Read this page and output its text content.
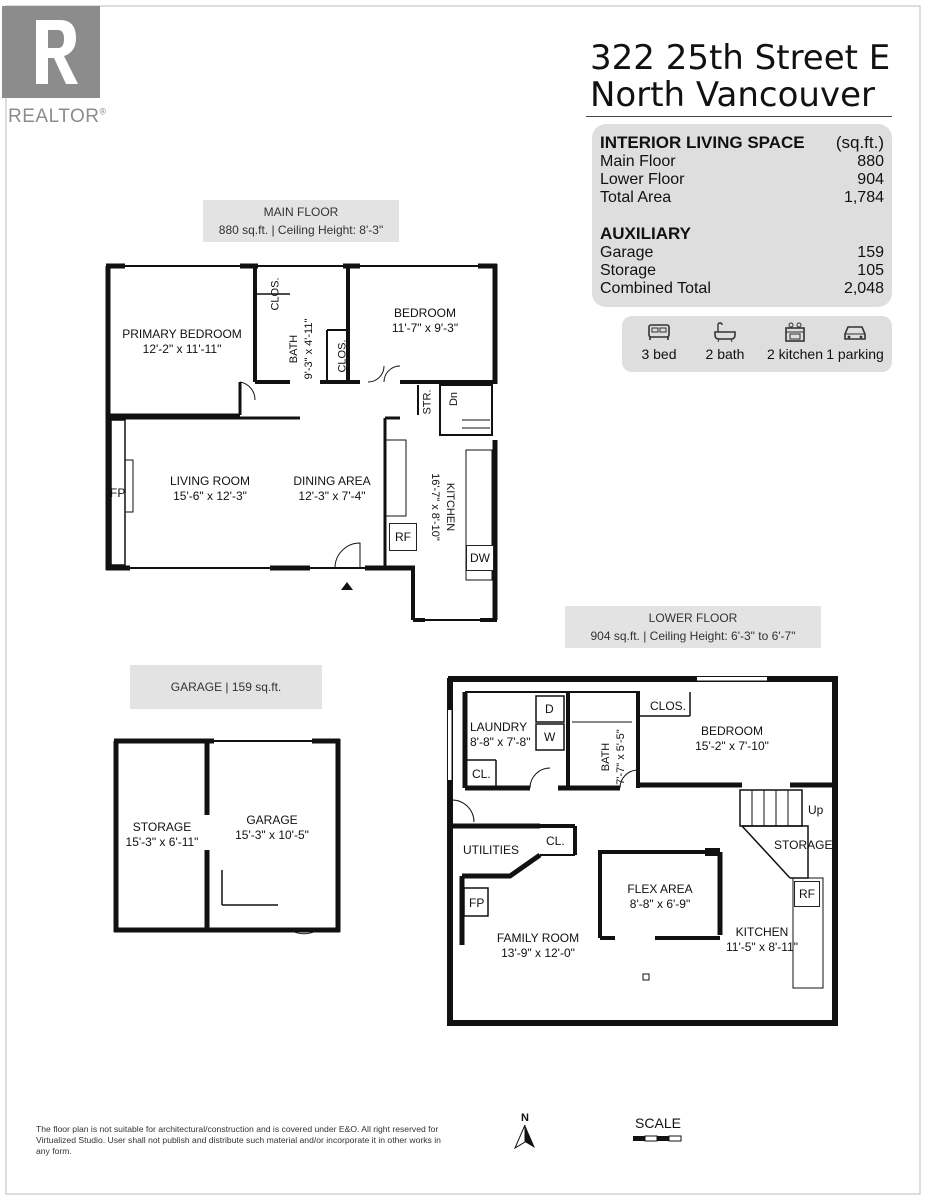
REALTOR®
322 25th Street E
North Vancouver
INTERIOR LIVING SPACE (sq.ft.)
Main Floor	880
Lower Floor	904
Total Area	1,784
AUXILIARY
Garage	159
Storage	105
Combined Total	2,048
3 bed	2 bath	2 kitchen 1 parking
MAIN FLOOR
880 sq.ft. | Ceiling Height: 8'-3"
PRIMARY BEDROOM
12'-2" x 11'-11"
BEDROOM
11'-7" x 9'-3"
LIVING ROOM
15'-6" x 12'-3"
DINING AREA
12'-3" x 7'-4"
BATH 9'-3" x 4'-11"
KITCHEN
16'-7" x 8'-10"
CLOS.
CLOS.
STR. Dn
FP
RF
DW
GARAGE | 159 sq.ft.
STORAGE
15'-3" x 6'-11"
GARAGE
15'-3" x 10'-5"
LOWER FLOOR
904 sq.ft. | Ceiling Height: 6'-3" to 6'-7"
LAUNDRY
8'-8" x 7'-8"
BATH 7'-7" x 5'-5"	BEDROOM
15'-2" x 7'-10"
FLEX AREA
8'-8" x 6'-9"
FAMILY ROOM
13'-9" x 12'-0"
KITCHEN
11'-5" x 8'-11"
CLOS.
CL.
CL.
UTILITIES	STORAGE
Up
FP
RF
D
W
The floor plan is not suitable for architectural/construction and is covered under E&O. All right reserved for Virtualized Studio. User shall not publish and distribute such material and/or incorporate it in other works in any form.
N	SCALE
